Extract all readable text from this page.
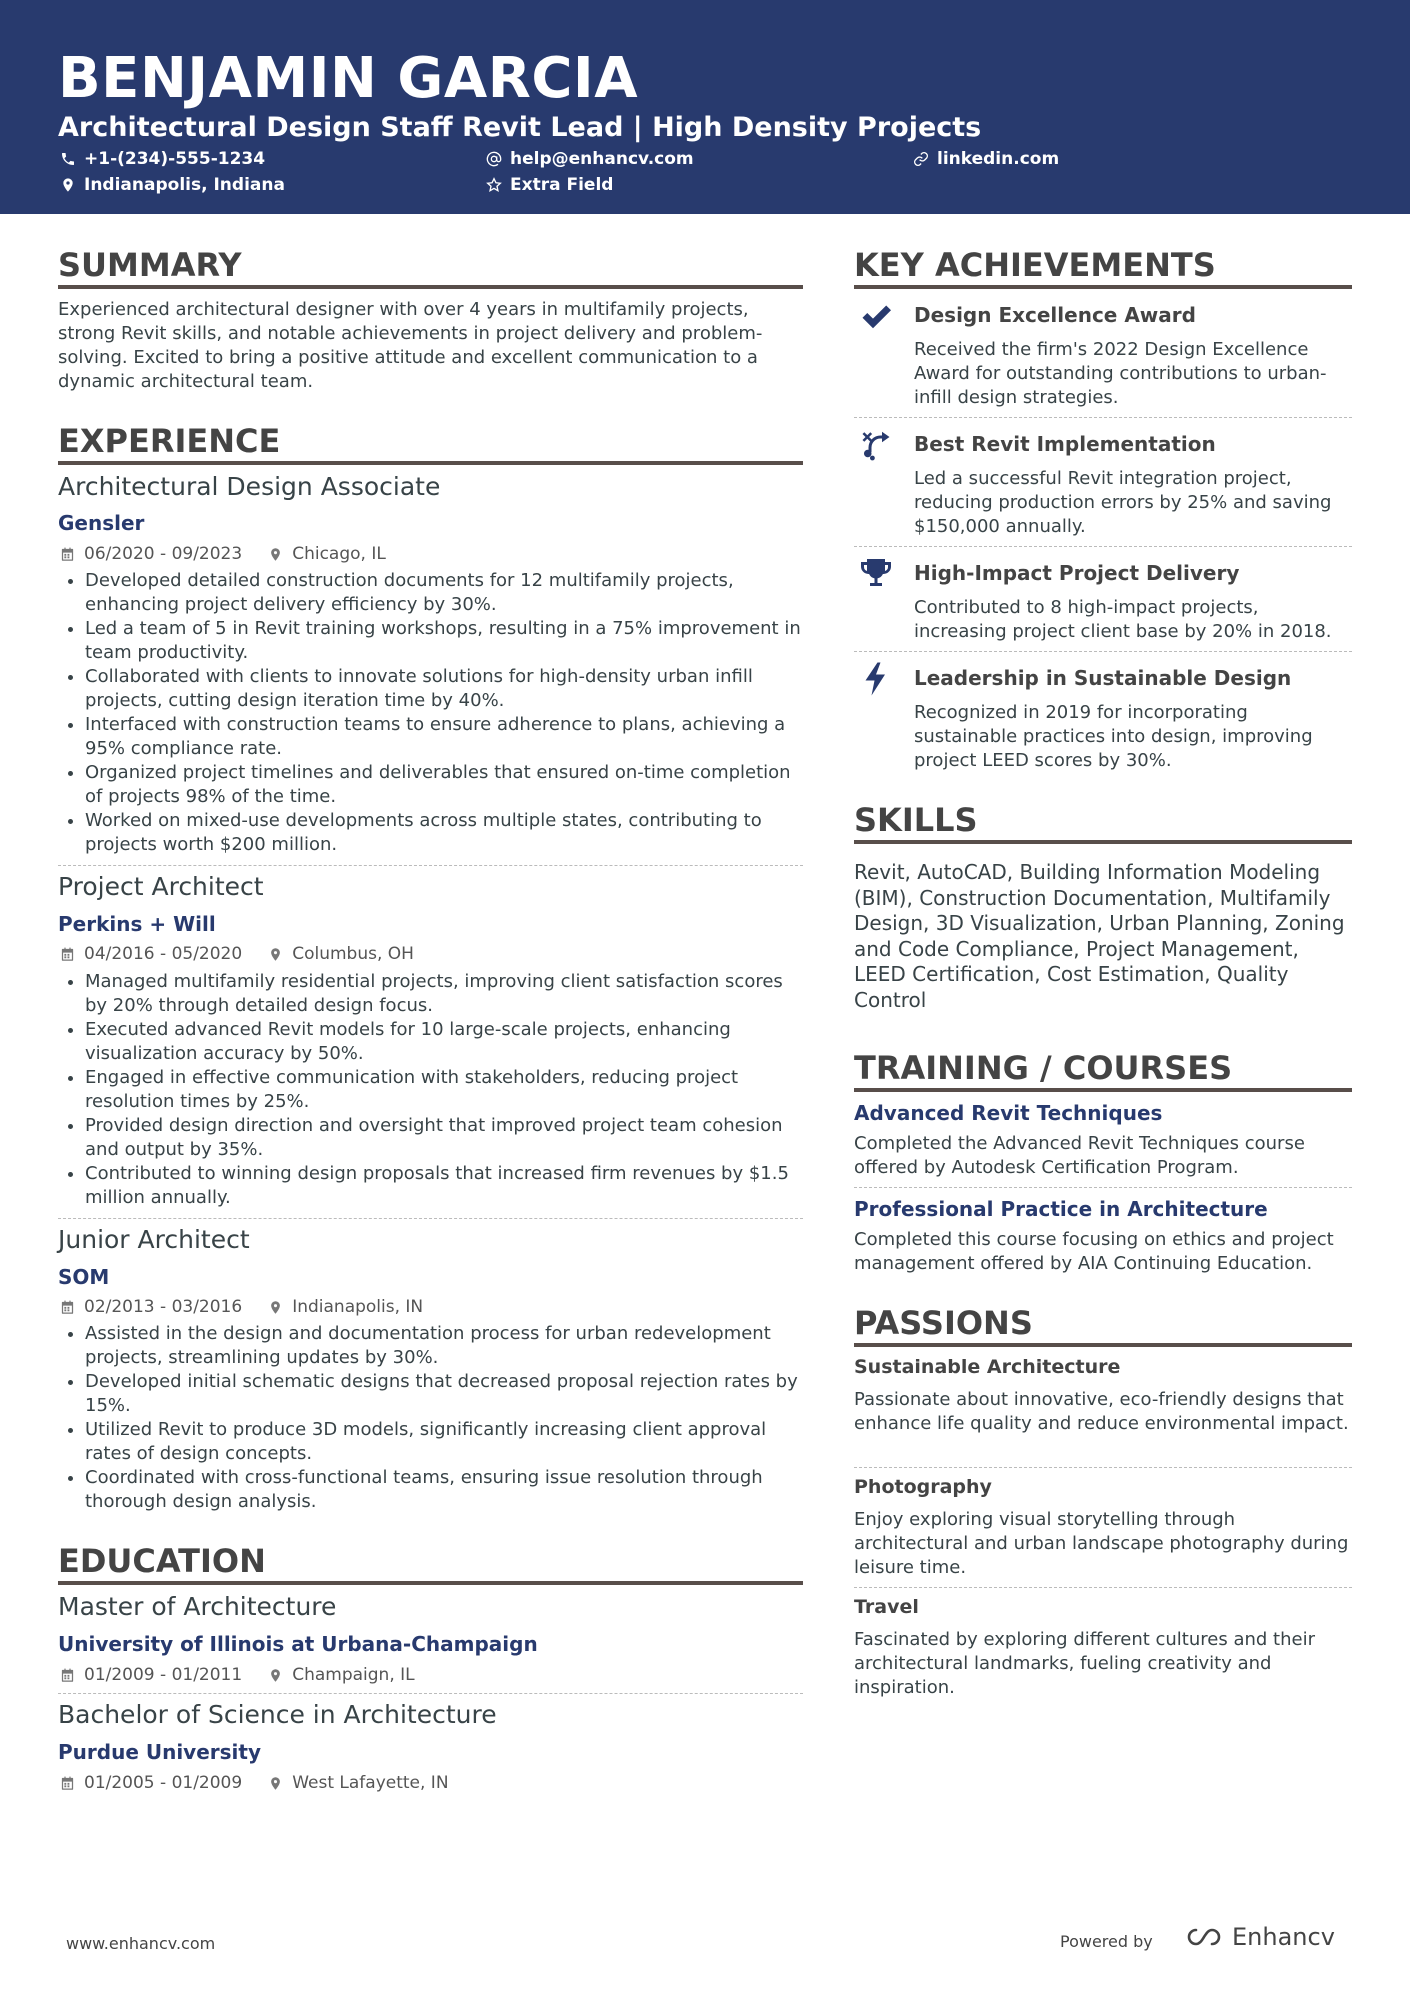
BENJAMIN GARCIA
Architectural Design Staff Revit Lead | High Density Projects
+1-(234)-555-1234	help@enhancv.com	linkedin.com
Indianapolis, Indiana	Extra Field
SUMMARY
Experienced architectural designer with over 4 years in multifamily projects, strong Revit skills, and notable achievements in project delivery and problem-solving. Excited to bring a positive attitude and excellent communication to a dynamic architectural team.
EXPERIENCE
Architectural Design Associate
Gensler
06/2020 - 09/2023	Chicago, IL
• Developed detailed construction documents for 12 multifamily projects, enhancing project delivery efficiency by 30%.
• Led a team of 5 in Revit training workshops, resulting in a 75% improvement in team productivity.
• Collaborated with clients to innovate solutions for high-density urban infill projects, cutting design iteration time by 40%.
• Interfaced with construction teams to ensure adherence to plans, achieving a 95% compliance rate.
• Organized project timelines and deliverables that ensured on-time completion of projects 98% of the time.
• Worked on mixed-use developments across multiple states, contributing to projects worth $200 million.
Project Architect
Perkins + Will
04/2016 - 05/2020	Columbus, OH
• Managed multifamily residential projects, improving client satisfaction scores by 20% through detailed design focus.
• Executed advanced Revit models for 10 large-scale projects, enhancing visualization accuracy by 50%.
• Engaged in effective communication with stakeholders, reducing project resolution times by 25%.
• Provided design direction and oversight that improved project team cohesion and output by 35%.
• Contributed to winning design proposals that increased firm revenues by $1.5 million annually.
Junior Architect
SOM
02/2013 - 03/2016	Indianapolis, IN
• Assisted in the design and documentation process for urban redevelopment projects, streamlining updates by 30%.
• Developed initial schematic designs that decreased proposal rejection rates by 15%.
• Utilized Revit to produce 3D models, significantly increasing client approval rates of design concepts.
• Coordinated with cross-functional teams, ensuring issue resolution through thorough design analysis.
EDUCATION
Master of Architecture
University of Illinois at Urbana-Champaign
01/2009 - 01/2011	Champaign, IL
Bachelor of Science in Architecture
Purdue University
01/2005 - 01/2009	West Lafayette, IN
KEY ACHIEVEMENTS
Design Excellence Award
Received the firm's 2022 Design Excellence Award for outstanding contributions to urban-infill design strategies.
Best Revit Implementation
Led a successful Revit integration project, reducing production errors by 25% and saving $150,000 annually.
High-Impact Project Delivery
Contributed to 8 high-impact projects, increasing project client base by 20% in 2018.
Leadership in Sustainable Design
Recognized in 2019 for incorporating sustainable practices into design, improving project LEED scores by 30%.
SKILLS
Revit, AutoCAD, Building Information Modeling (BIM), Construction Documentation, Multifamily Design, 3D Visualization, Urban Planning, Zoning and Code Compliance, Project Management, LEED Certification, Cost Estimation, Quality Control
TRAINING / COURSES
Advanced Revit Techniques
Completed the Advanced Revit Techniques course offered by Autodesk Certification Program.
Professional Practice in Architecture
Completed this course focusing on ethics and project management offered by AIA Continuing Education.
PASSIONS
Sustainable Architecture
Passionate about innovative, eco-friendly designs that enhance life quality and reduce environmental impact.
Photography
Enjoy exploring visual storytelling through architectural and urban landscape photography during leisure time.
Travel
Fascinated by exploring different cultures and their architectural landmarks, fueling creativity and inspiration.
www.enhancv.com	Powered by	Enhancv
